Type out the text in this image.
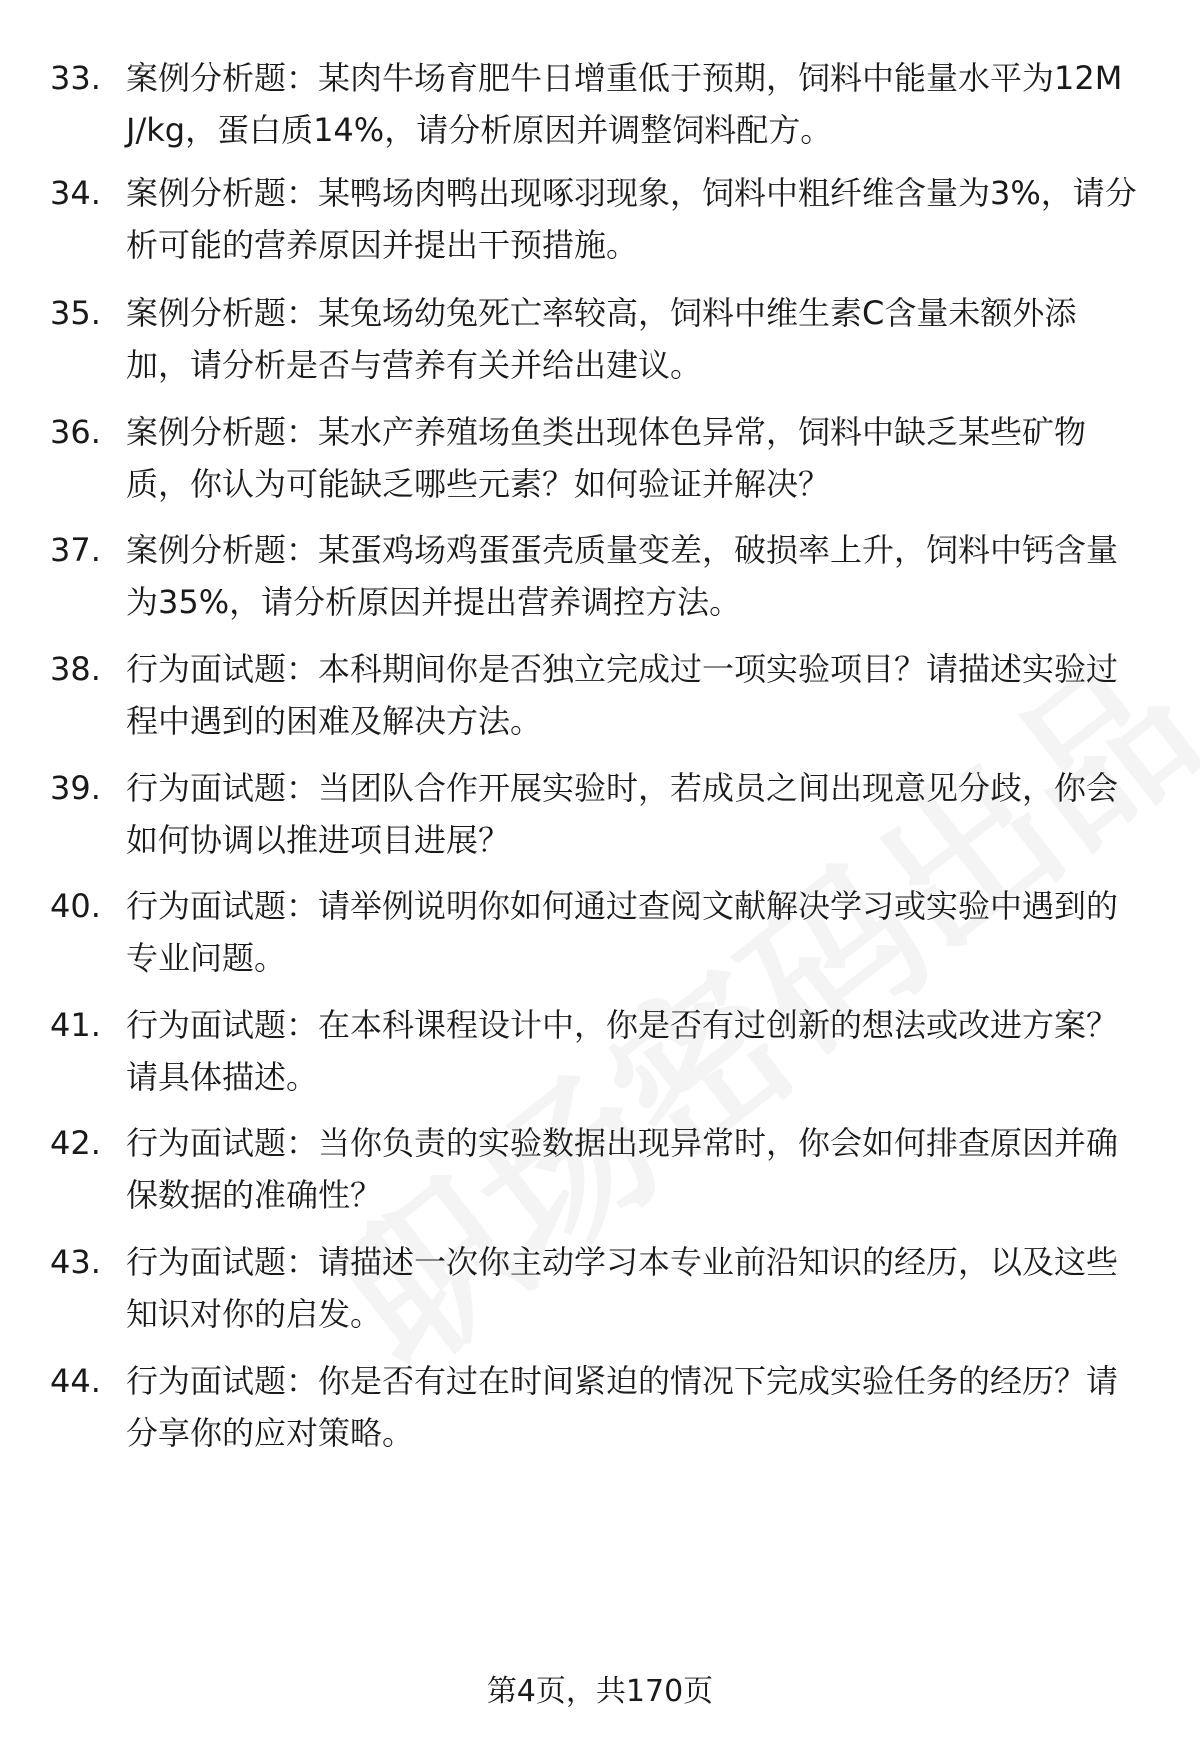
33. 案例分析题：某肉牛场育肥牛日增重低于预期，饲料中能量水平为12MJ/kg，蛋白质14%，请分析原因并调整饲料配方。
34. 案例分析题：某鸭场肉鸭出现啄羽现象，饲料中粗纤维含量为3%，请分析可能的营养原因并提出干预措施。
35. 案例分析题：某兔场幼兔死亡率较高，饲料中维生素C含量未额外添加，请分析是否与营养有关并给出建议。
36. 案例分析题：某水产养殖场鱼类出现体色异常，饲料中缺乏某些矿物质，你认为可能缺乏哪些元素？如何验证并解决？
37. 案例分析题：某蛋鸡场鸡蛋蛋壳质量变差，破损率上升，饲料中钙含量为35%，请分析原因并提出营养调控方法。
38. 行为面试题：本科期间你是否独立完成过一项实验项目？请描述实验过程中遇到的困难及解决方法。
39. 行为面试题：当团队合作开展实验时，若成员之间出现意见分歧，你会如何协调以推进项目进展？
40. 行为面试题：请举例说明你如何通过查阅文献解决学习或实验中遇到的专业问题。
41. 行为面试题：在本科课程设计中，你是否有过创新的想法或改进方案？请具体描述。
42. 行为面试题：当你负责的实验数据出现异常时，你会如何排查原因并确保数据的准确性？
43. 行为面试题：请描述一次你主动学习本专业前沿知识的经历，以及这些知识对你的启发。
44. 行为面试题：你是否有过在时间紧迫的情况下完成实验任务的经历？请分享你的应对策略。
第4页，共170页
